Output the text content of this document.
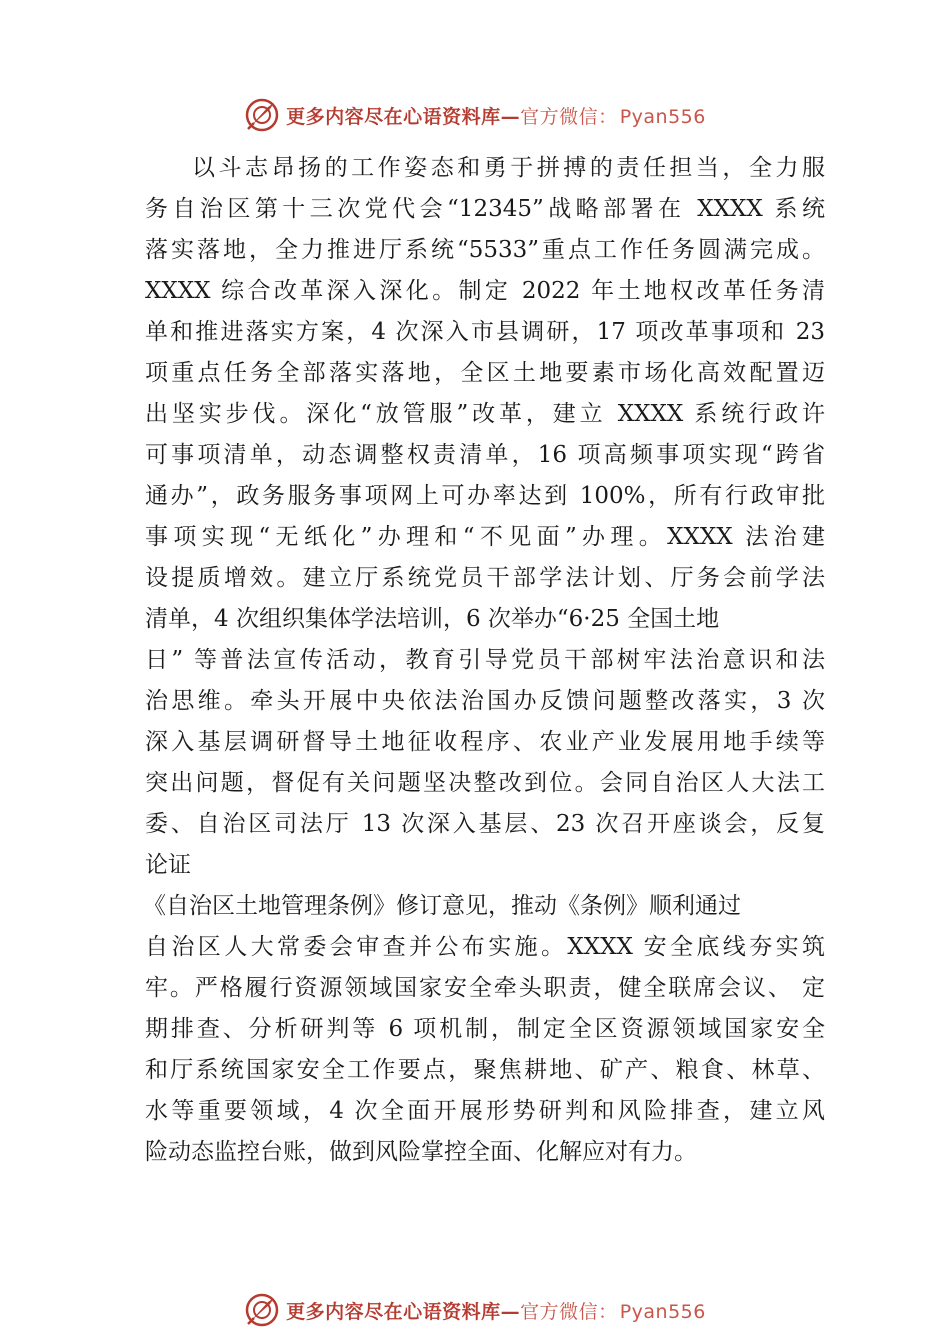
更多内容尽在心语资料库—官方微信： Pyan556
以斗志昂扬的工作姿态和勇于拼搏的责任担当，全力服
务自治区第十三次党代会“12345”战略部署在 XXXX 系统
落实落地，全力推进厅系统“5533”重点工作任务圆满完成。
XXXX 综合改革深入深化。制定 2022 年土地权改革任务清
单和推进落实方案，4 次深入市县调研，17 项改革事项和 23
项重点任务全部落实落地，全区土地要素市场化高效配置迈
出坚实步伐。深化“放管服”改革，建立 XXXX 系统行政许
可事项清单，动态调整权责清单，16 项高频事项实现“跨省
通办”，政务服务事项网上可办率达到 100%，所有行政审批
事项实现“无纸化”办理和“不见面”办理。XXXX 法治建
设提质增效。建立厅系统党员干部学法计划、厅务会前学法
清单，4 次组织集体学法培训，6 次举办“6·25 全国土地
日” 等普法宣传活动，教育引导党员干部树牢法治意识和法
治思维。牵头开展中央依法治国办反馈问题整改落实，3 次
深入基层调研督导土地征收程序、农业产业发展用地手续等
突出问题，督促有关问题坚决整改到位。会同自治区人大法工
委、自治区司法厅 13 次深入基层、23 次召开座谈会，反复
论证
《自治区土地管理条例》修订意见，推动《条例》顺利通过
自治区人大常委会审查并公布实施。XXXX 安全底线夯实筑
牢。严格履行资源领域国家安全牵头职责，健全联席会议、 定
期排查、分析研判等 6 项机制，制定全区资源领域国家安全
和厅系统国家安全工作要点，聚焦耕地、矿产、粮食、林草、
水等重要领域，4 次全面开展形势研判和风险排查，建立风
险动态监控台账，做到风险掌控全面、化解应对有力。
更多内容尽在心语资料库—官方微信： Pyan556
